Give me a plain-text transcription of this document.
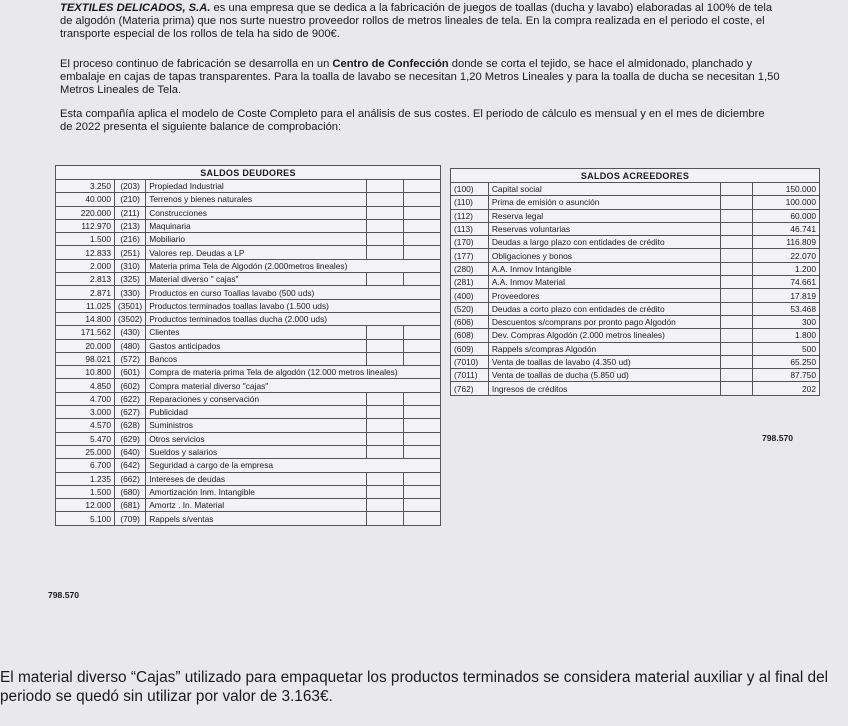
TEXTILES DELICADOS, S.A. es una empresa que se dedica a la fabricación de juegos de toallas (ducha y lavabo) elaboradas al 100% de tela de algodón (Materia prima) que nos surte nuestro proveedor rollos de metros lineales de tela. En la compra realizada en el periodo el coste, el transporte especial de los rollos de tela ha sido de 900€.

El proceso continuo de fabricación se desarrolla en un Centro de Confección donde se corta el tejido, se hace el almidonado, planchado y embalaje en cajas de tapas transparentes. Para la toalla de lavabo se necesitan 1,20 Metros Lineales y para la toalla de ducha se necesitan 1,50 Metros Lineales de Tela.

Esta compañía aplica el modelo de Coste Completo para el análisis de sus costes. El periodo de cálculo es mensual y en el mes de diciembre de 2022 presenta el siguiente balance de comprobación:

SALDOS DEUDORES				
3.250	(203)	Propiedad Industrial		
40.000	(210)	Terrenos y bienes naturales		
220.000	(211)	Construcciones		
112.970	(213)	Maquinaria		
1.500	(216)	Mobiliario		
12.833	(251)	Valores rep. Deudas a LP		
2.000	(310)	Materia prima Tela de Algodón (2.000metros lineales)		
2.813	(325)	Material diverso " cajas"		
2.871	(330)	Productos en curso Toallas lavabo (500 uds)		
11.025	(3501)	Productos terminados toallas lavabo (1.500 uds)		
14.800	(3502)	Productos terminados toallas ducha (2.000 uds)		
171.562	(430)	Clientes		
20.000	(480)	Gastos anticipados		
98.021	(572)	Bancos		
10.800	(601)	Compra de materia prima Tela de algodón (12.000 metros lineales)		
4.850	(602)	Compra material diverso "cajas"		
4.700	(622)	Reparaciones y conservación		
3.000	(627)	Publicidad		
4.570	(628)	Suministros		
5.470	(629)	Otros servicios		
25.000	(640)	Sueldos y salarios		
6.700	(642)	Seguridad a cargo de la empresa		
1.235	(662)	Intereses de deudas		
1.500	(680)	Amortización Inm. Intangible		
12.000	(681)	Amortz . In. Material		
5.100	(709)	Rappels s/ventas		
798.570
SALDOS ACREEDORES			
(100)	Capital social		150.000
(110)	Prima de emisión o asunción		100.000
(112)	Reserva legal		60.000
(113)	Reservas voluntarias		46.741
(170)	Deudas a largo plazo con entidades de crédito		116.809
(177)	Obligaciones y bonos		22.070
(280)	A.A. Inmov Intangible		1.200
(281)	A.A. Inmov Material		74.661
(400)	Proveedores		17.819
(520)	Deudas a corto plazo con entidades de crédito		53.468
(606)	Descuentos s/comprans por pronto pago Algodón		300
(608)	Dev. Compras Algodón (2.000 metros lineales)		1.800
(609)	Rappels s/compras Algodón		500
(7010)	Venta de toallas de lavabo (4.350 ud)		65.250
(7011)	Venta de toallas de ducha (5.850 ud)		87.750
(762)	Ingresos de créditos		202
798.570

El material diverso “Cajas” utilizado para empaquetar los productos terminados se considera material auxiliar y al final del periodo se quedó sin utilizar por valor de 3.163€.
